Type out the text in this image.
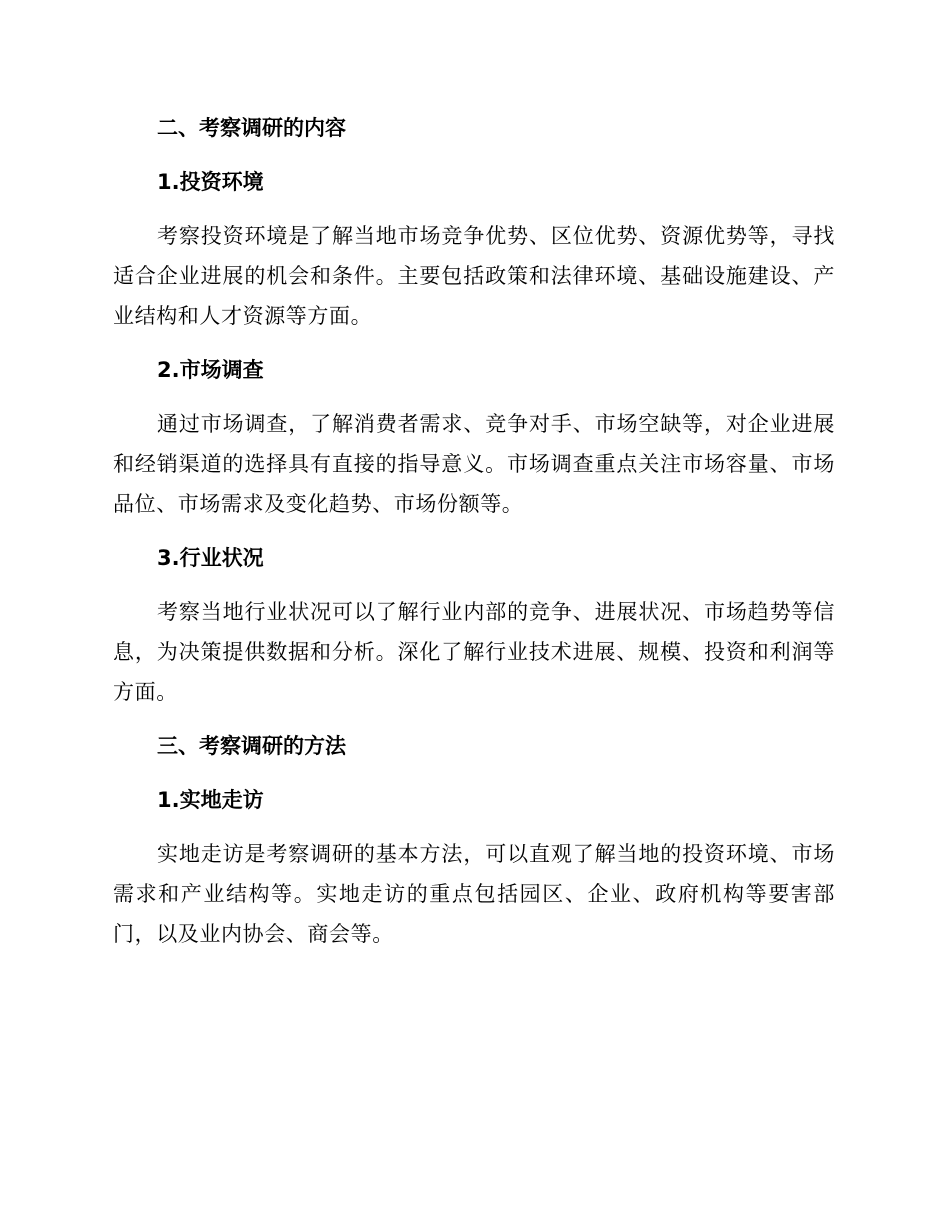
二、考察调研的内容
1.投资环境

考察投资环境是了解当地市场竞争优势、区位优势、资源优势等，寻找适合企业进展的机会和条件。主要包括政策和法律环境、基础设施建设、产业结构和人才资源等方面。

2.市场调查

通过市场调查，了解消费者需求、竞争对手、市场空缺等，对企业进展和经销渠道的选择具有直接的指导意义。市场调查重点关注市场容量、市场品位、市场需求及变化趋势、市场份额等。

3.行业状况

考察当地行业状况可以了解行业内部的竞争、进展状况、市场趋势等信息，为决策提供数据和分析。深化了解行业技术进展、规模、投资和利润等方面。

三、考察调研的方法
1.实地走访

实地走访是考察调研的基本方法，可以直观了解当地的投资环境、市场需求和产业结构等。实地走访的重点包括园区、企业、政府机构等要害部门，以及业内协会、商会等。
